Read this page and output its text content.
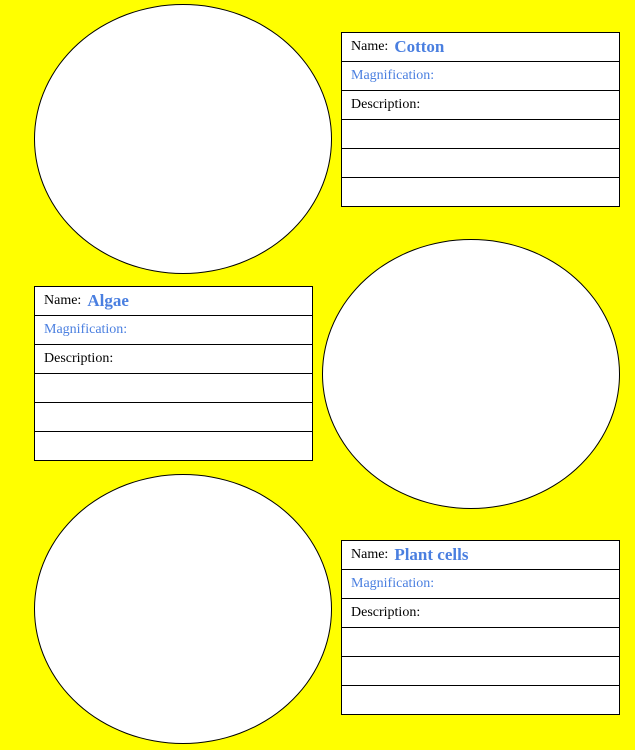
Name: Cotton
Magnification:
Description:
Name: Algae
Magnification:
Description:
Name: Plant cells
Magnification:
Description:
